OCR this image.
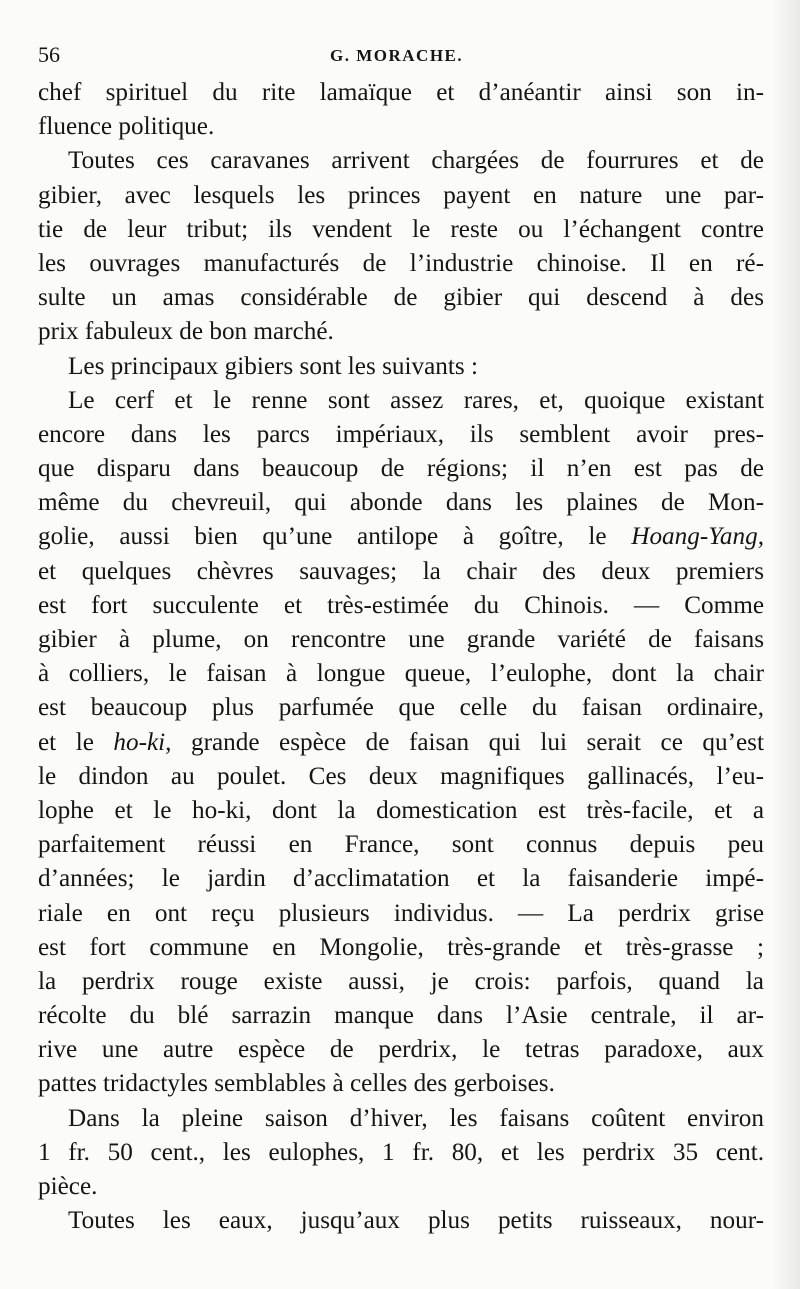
56	G. MORACHE.
chef spirituel du rite lamaïque et d’anéantir ainsi son in-
fluence politique.
Toutes ces caravanes arrivent chargées de fourrures et de
gibier, avec lesquels les princes payent en nature une par-
tie de leur tribut; ils vendent le reste ou l’échangent contre
les ouvrages manufacturés de l’industrie chinoise. Il en ré-
sulte un amas considérable de gibier qui descend à des
prix fabuleux de bon marché.
Les principaux gibiers sont les suivants :
Le cerf et le renne sont assez rares, et, quoique existant
encore dans les parcs impériaux, ils semblent avoir pres-
que disparu dans beaucoup de régions; il n’en est pas de
même du chevreuil, qui abonde dans les plaines de Mon-
golie, aussi bien qu’une antilope à goître, le Hoang-Yang,
et quelques chèvres sauvages; la chair des deux premiers
est fort succulente et très-estimée du Chinois. — Comme
gibier à plume, on rencontre une grande variété de faisans
à colliers, le faisan à longue queue, l’eulophe, dont la chair
est beaucoup plus parfumée que celle du faisan ordinaire,
et le ho-ki, grande espèce de faisan qui lui serait ce qu’est
le dindon au poulet. Ces deux magnifiques gallinacés, l’eu-
lophe et le ho-ki, dont la domestication est très-facile, et a
parfaitement réussi en France, sont connus depuis peu
d’années; le jardin d’acclimatation et la faisanderie impé-
riale en ont reçu plusieurs individus. — La perdrix grise
est fort commune en Mongolie, très-grande et très-grasse ;
la perdrix rouge existe aussi, je crois: parfois, quand la
récolte du blé sarrazin manque dans l’Asie centrale, il ar-
rive une autre espèce de perdrix, le tetras paradoxe, aux
pattes tridactyles semblables à celles des gerboises.
Dans la pleine saison d’hiver, les faisans coûtent environ
1 fr. 50 cent., les eulophes, 1 fr. 80, et les perdrix 35 cent.
pièce.
Toutes les eaux, jusqu’aux plus petits ruisseaux, nour-
